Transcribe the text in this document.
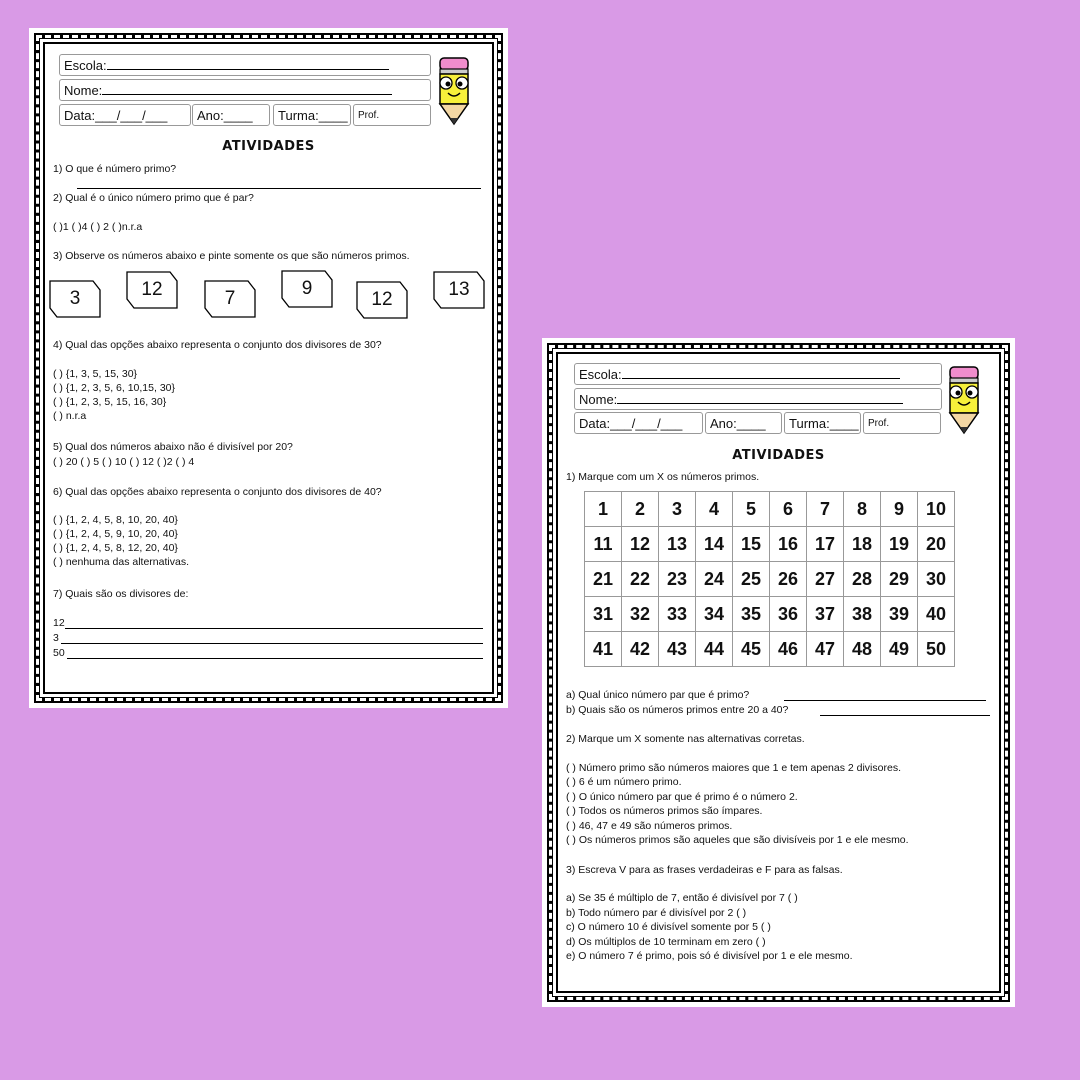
Escola:
Nome:
Data:___/___/___	Ano:____	Turma:____	Prof.
ATIVIDADES
1) O que é número primo?
2) Qual é o único número primo que é par?
( )1 ( )4 ( ) 2 ( )n.r.a
3) Observe os números abaixo e pinte somente os que são números primos.
3	12	7	9
12	13
4) Qual das opções abaixo representa o conjunto dos divisores de 30?
( ) {1, 3, 5, 15, 30}
( ) {1, 2, 3, 5, 6, 10,15, 30}
( ) {1, 2, 3, 5, 15, 16, 30}
( ) n.r.a
5) Qual dos números abaixo não é divisível por 20?
( ) 20 ( ) 5 ( ) 10 ( ) 12 ( )2 ( ) 4
6) Qual das opções abaixo representa o conjunto dos divisores de 40?
( ) {1, 2, 4, 5, 8, 10, 20, 40}
( ) {1, 2, 4, 5, 9, 10, 20, 40}
( ) {1, 2, 4, 5, 8, 12, 20, 40}
( ) nenhuma das alternativas.
7) Quais são os divisores de:
12
3
50
Escola:
Nome:
Data:___/___/___	Ano:____	Turma:____ Prof.
ATIVIDADES
1) Marque com um X os números primos.
1	2	3	4	5	6	7	8	9	10
11	12	13	14	15	16	17	18	19	20
21	22	23	24	25	26	27	28	29	30
31	32	33	34	35	36	37	38	39	40
41	42	43	44	45	46	47	48	49	50
a) Qual único número par que é primo?
b) Quais são os números primos entre 20 a 40?
2) Marque um X somente nas alternativas corretas.
( ) Número primo são números maiores que 1 e tem apenas 2 divisores.
( ) 6 é um número primo.
( ) O único número par que é primo é o número 2.
( ) Todos os números primos são ímpares.
( ) 46, 47 e 49 são números primos.
( ) Os números primos são aqueles que são divisíveis por 1 e ele mesmo.
3) Escreva V para as frases verdadeiras e F para as falsas.
a) Se 35 é múltiplo de 7, então é divisível por 7 ( )
b) Todo número par é divisível por 2 ( )
c) O número 10 é divisível somente por 5 ( )
d) Os múltiplos de 10 terminam em zero ( )
e) O número 7 é primo, pois só é divisível por 1 e ele mesmo.
